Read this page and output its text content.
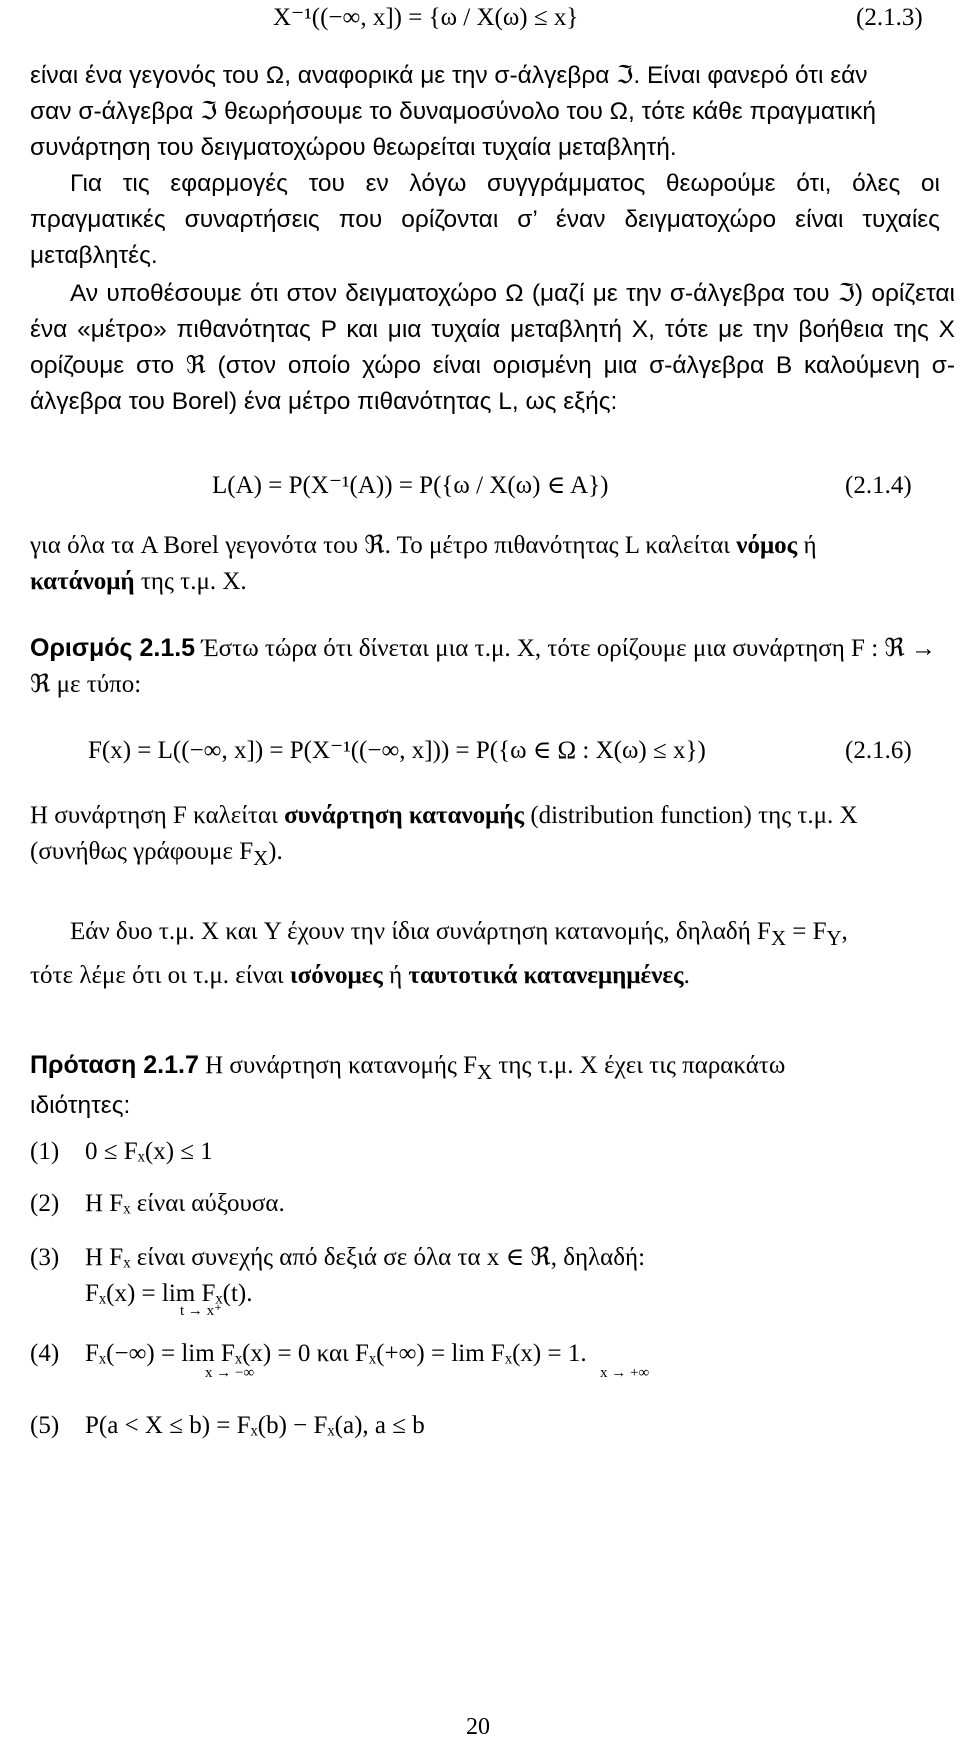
X⁻¹((−∞, x]) = {ω / X(ω) ≤ x}	(2.1.3)
είναι ένα γεγονός του Ω, αναφορικά με την σ-άλγεβρα ℑ. Είναι φανερό ότι εάν
σαν σ-άλγεβρα ℑ θεωρήσουμε το δυναμοσύνολο του Ω, τότε κάθε πραγματική
συνάρτηση του δειγματοχώρου θεωρείται τυχαία μεταβλητή.
Για τις εφαρμογές του εν λόγω συγγράμματος θεωρούμε ότι, όλες οι πραγματικές συναρτήσεις που ορίζονται σ’ έναν δειγματοχώρο είναι τυχαίες μεταβλητές.
Αν υποθέσουμε ότι στον δειγματοχώρο Ω (μαζί με την σ-άλγεβρα του ℑ) ορίζεται ένα «μέτρο» πιθανότητας P και μια τυχαία μεταβλητή X, τότε με την βοήθεια της X ορίζουμε στο ℜ (στον οποίο χώρο είναι ορισμένη μια σ-άλγεβρα B καλούμενη σ-άλγεβρα του Borel) ένα μέτρο πιθανότητας L, ως εξής:
L(A) = P(X⁻¹(A)) = P({ω / X(ω) ∈ A})	(2.1.4)
για όλα τα A Borel γεγονότα του ℜ. Το μέτρο πιθανότητας L καλείται νόμος ή
κατάνομή της τ.μ. X.
Ορισμός 2.1.5 Έστω τώρα ότι δίνεται μια τ.μ. X, τότε ορίζουμε μια συνάρτηση F : ℜ → ℜ με τύπο:
F(x) = L((−∞, x]) = P(X⁻¹((−∞, x])) = P({ω ∈ Ω : X(ω) ≤ x})	(2.1.6)
Η συνάρτηση F καλείται συνάρτηση κατανομής (distribution function) της τ.μ. X (συνήθως γράφουμε $F_X$).
Εάν δυο τ.μ. X και Y έχουν την ίδια συνάρτηση κατανομής, δηλαδή $F_X = F_Y$,
τότε λέμε ότι οι τ.μ. είναι ισόνομες ή ταυτοτικά κατανεμημένες.
Πρόταση 2.1.7 Η συνάρτηση κατανομής $F_X$ της τ.μ. X έχει τις παρακάτω
ιδιότητες:
(1) 0 ≤ Fₓ(x) ≤ 1
(2) Η Fₓ είναι αύξουσα.
(3) Η Fₓ είναι συνεχής από δεξιά σε όλα τα x ∈ ℜ, δηλαδή:
Fₓ(x) = lim Fₓ(t).
t → x⁺
(4) Fₓ(−∞) = lim Fₓ(x) = 0 και Fₓ(+∞) = lim Fₓ(x) = 1.
x → −∞	x → +∞
(5) P(a < X ≤ b) = Fₓ(b) − Fₓ(a), a ≤ b
20
